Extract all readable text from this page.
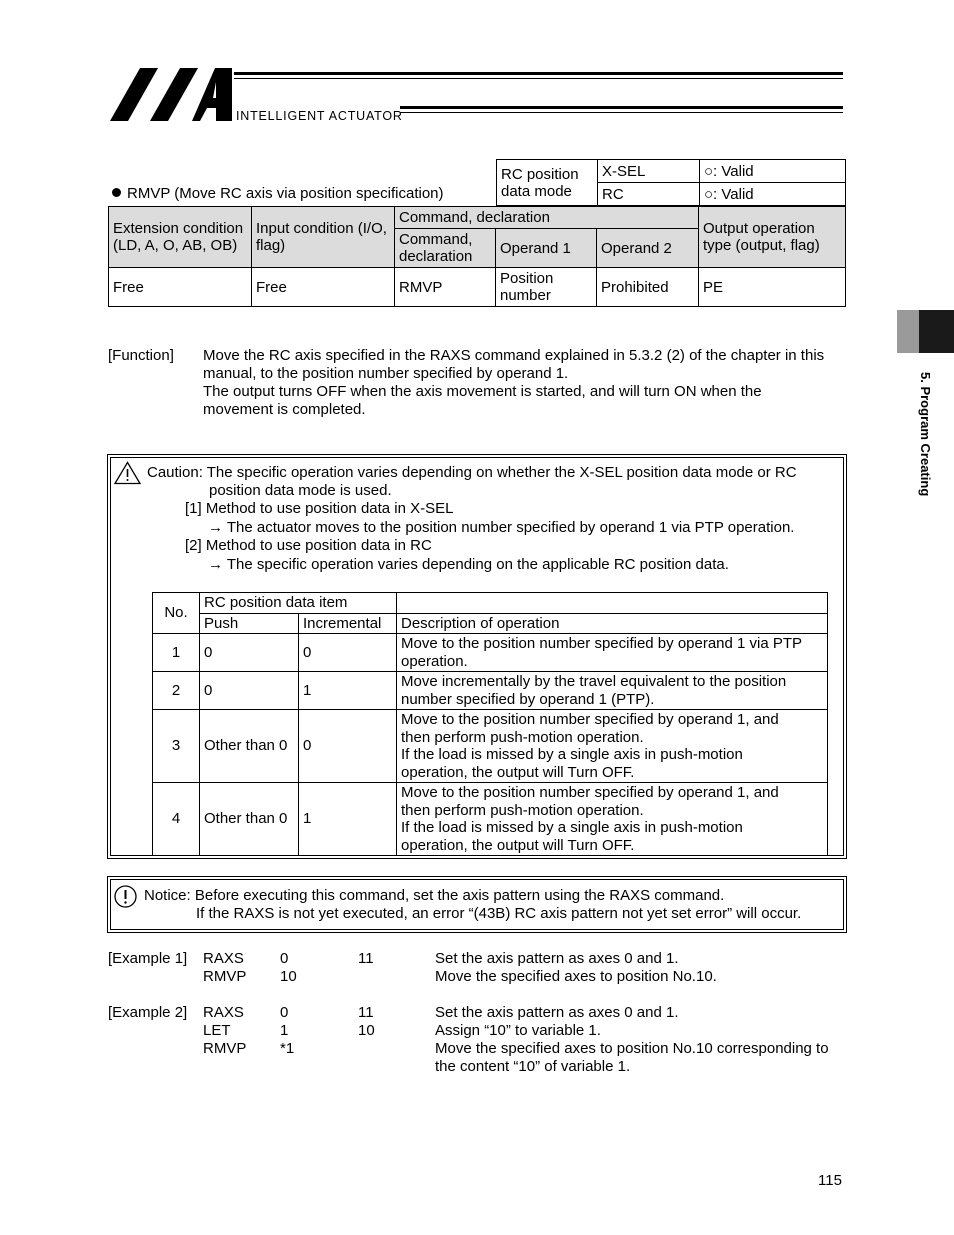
INTELLIGENT ACTUATOR
5. Program Creating
RC position data mode	X-SEL	○: Valid
	RC	○: Valid
RMVP (Move RC axis via position specification)
Extension condition (LD, A, O, AB, OB)	Input condition (I/O, flag)	Command, declaration			Output operation type (output, flag)
		Command, declaration	Operand 1	Operand 2	
Free	Free	RMVP	Position number	Prohibited	PE
[Function] Move the RC axis specified in the RAXS command explained in 5.3.2 (2) of the chapter in this
manual, to the position number specified by operand 1.
The output turns OFF when the axis movement is started, and will turn ON when the
movement is completed.
Caution: The specific operation varies depending on whether the X-SEL position data mode or RC
position data mode is used.
[1] Method to use position data in X-SEL
→ The actuator moves to the position number specified by operand 1 via PTP operation.
[2] Method to use position data in RC
→ The specific operation varies depending on the applicable RC position data.
No.	RC position data item		
	Push	Incremental	Description of operation
1	0	0	Move to the position number specified by operand 1 via PTP
operation.

2	0	1	Move incrementally by the travel equivalent to the position
number specified by operand 1 (PTP).

3	Other than 0	0	Move to the position number specified by operand 1, and
then perform push-motion operation.
If the load is missed by a single axis in push-motion
operation, the output will Turn OFF.

4	Other than 0	1	Move to the position number specified by operand 1, and
then perform push-motion operation.
If the load is missed by a single axis in push-motion
operation, the output will Turn OFF.
Notice: Before executing this command, set the axis pattern using the RAXS command.
If the RAXS is not yet executed, an error “(43B) RC axis pattern not yet set error” will occur.
[Example 1] RAXS 0	11	Set the axis pattern as axes 0 and 1.
RMVP 10	Move the specified axes to position No.10.
[Example 2] RAXS 0	11	Set the axis pattern as axes 0 and 1.
LET	1	10	Assign “10” to variable 1.
RMVP *1	Move the specified axes to position No.10 corresponding to
the content “10” of variable 1.
115
